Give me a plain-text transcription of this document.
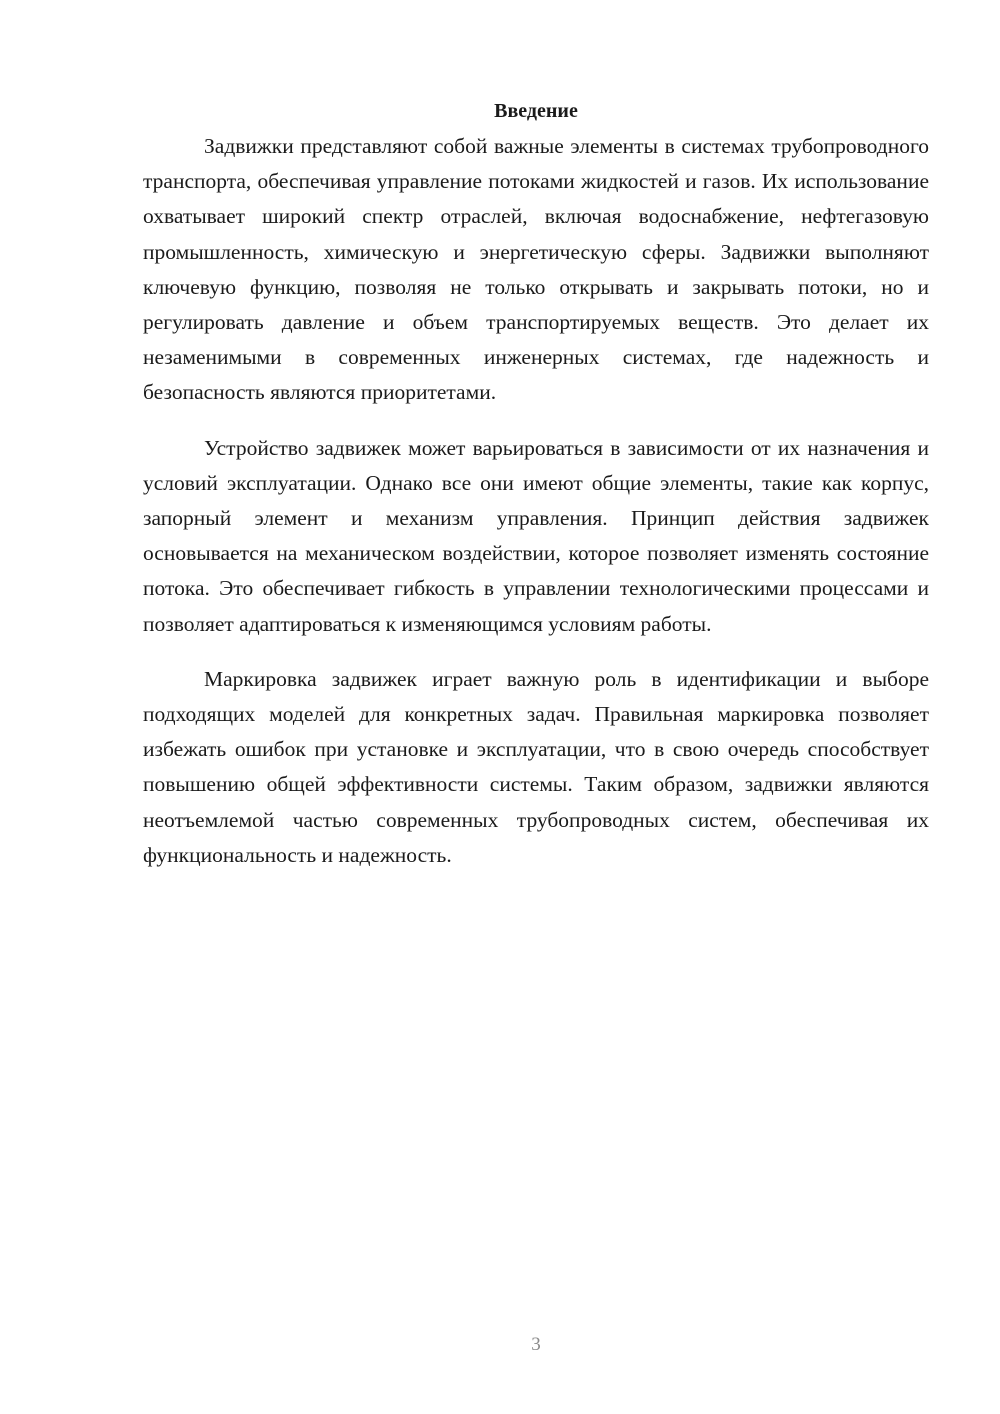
Введение

Задвижки представляют собой важные элементы в системах трубопроводного транспорта, обеспечивая управление потоками жидкостей и газов. Их использование охватывает широкий спектр отраслей, включая водоснабжение, нефтегазовую промышленность, химическую и энергетическую сферы. Задвижки выполняют ключевую функцию, позволяя не только открывать и закрывать потоки, но и регулировать давление и объем транспортируемых веществ. Это делает их незаменимыми в современных инженерных системах, где надежность и безопасность являются приоритетами.

Устройство задвижек может варьироваться в зависимости от их назначения и условий эксплуатации. Однако все они имеют общие элементы, такие как корпус, запорный элемент и механизм управления. Принцип действия задвижек основывается на механическом воздействии, которое позволяет изменять состояние потока. Это обеспечивает гибкость в управлении технологическими процессами и позволяет адаптироваться к изменяющимся условиям работы.

Маркировка задвижек играет важную роль в идентификации и выборе подходящих моделей для конкретных задач. Правильная маркировка позволяет избежать ошибок при установке и эксплуатации, что в свою очередь способствует повышению общей эффективности системы. Таким образом, задвижки являются неотъемлемой частью современных трубопроводных систем, обеспечивая их функциональность и надежность.

3
